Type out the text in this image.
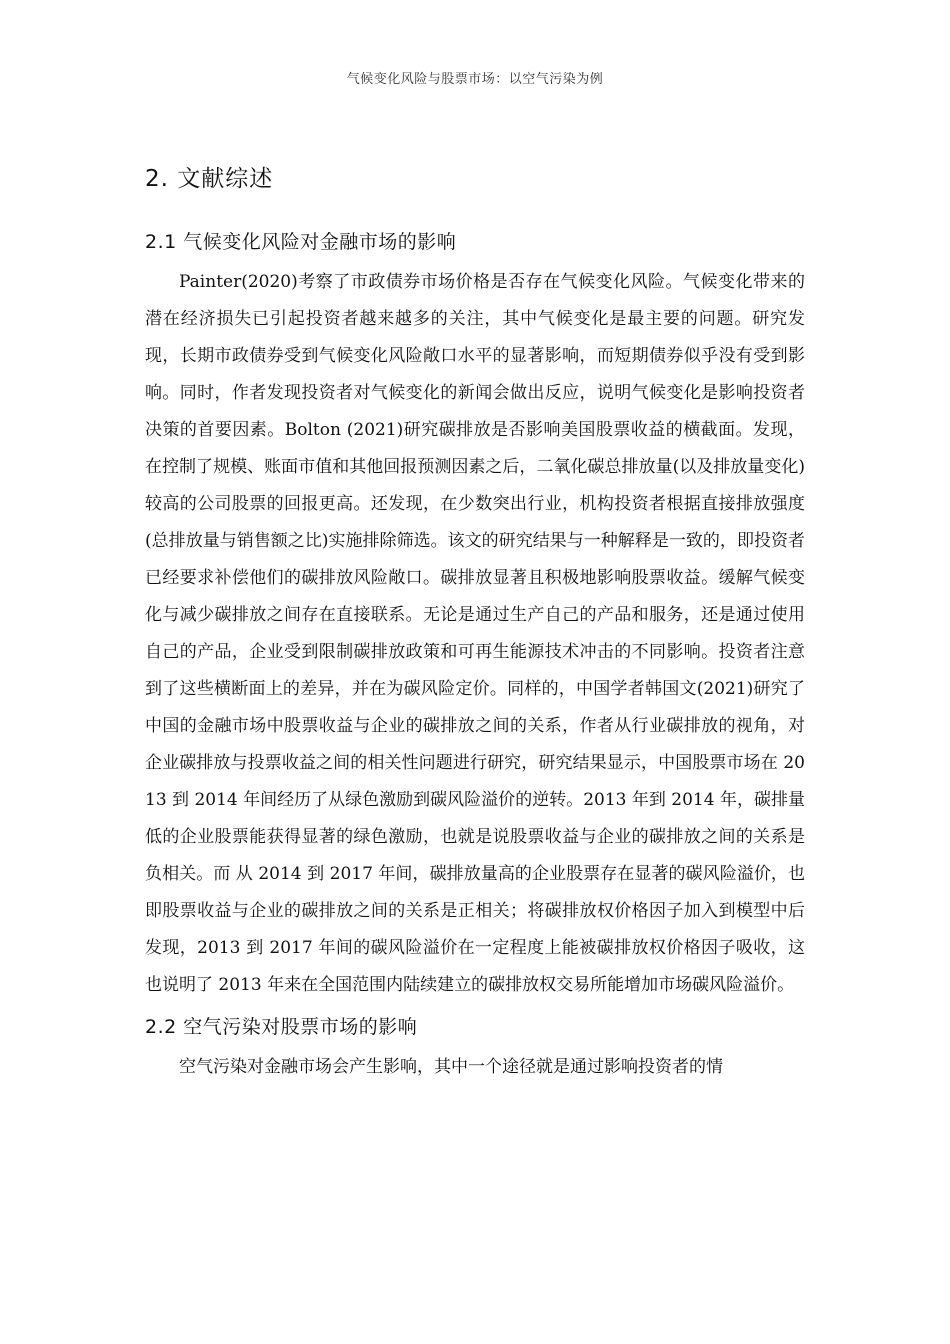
气候变化风险与股票市场：以空气污染为例
2. 文献综述
2.1 气候变化风险对金融市场的影响

Painter(2020)考察了市政债券市场价格是否存在气候变化风险。气候变化带来的潜在经济损失已引起投资者越来越多的关注，其中气候变化是最主要的问题。研究发现，长期市政债券受到气候变化风险敞口水平的显著影响，而短期债券似乎没有受到影响。同时，作者发现投资者对气候变化的新闻会做出反应，说明气候变化是影响投资者决策的首要因素。Bolton (2021)研究碳排放是否影响美国股票收益的横截面。发现，在控制了规模、账面市值和其他回报预测因素之后，二氧化碳总排放量(以及排放量变化)较高的公司股票的回报更高。还发现，在少数突出行业，机构投资者根据直接排放强度(总排放量与销售额之比)实施排除筛选。该文的研究结果与一种解释是一致的，即投资者已经要求补偿他们的碳排放风险敞口。碳排放显著且积极地影响股票收益。缓解气候变化与减少碳排放之间存在直接联系。无论是通过生产自己的产品和服务，还是通过使用自己的产品，企业受到限制碳排放政策和可再生能源技术冲击的不同影响。投资者注意到了这些横断面上的差异，并在为碳风险定价。同样的，中国学者韩国文(2021)研究了中国的金融市场中股票收益与企业的碳排放之间的关系，作者从行业碳排放的视角，对企业碳排放与投票收益之间的相关性问题进行研究，研究结果显示，中国股票市场在 2013 到 2014 年间经历了从绿色激励到碳风险溢价的逆转。2013 年到 2014 年，碳排量低的企业股票能获得显著的绿色激励，也就是说股票收益与企业的碳排放之间的关系是负相关。而 从 2014 到 2017 年间，碳排放量高的企业股票存在显著的碳风险溢价，也即股票收益与企业的碳排放之间的关系是正相关；将碳排放权价格因子加入到模型中后发现，2013 到 2017 年间的碳风险溢价在一定程度上能被碳排放权价格因子吸收，这也说明了 2013 年来在全国范围内陆续建立的碳排放权交易所能增加市场碳风险溢价。

2.2 空气污染对股票市场的影响

空气污染对金融市场会产生影响，其中一个途径就是通过影响投资者的情
